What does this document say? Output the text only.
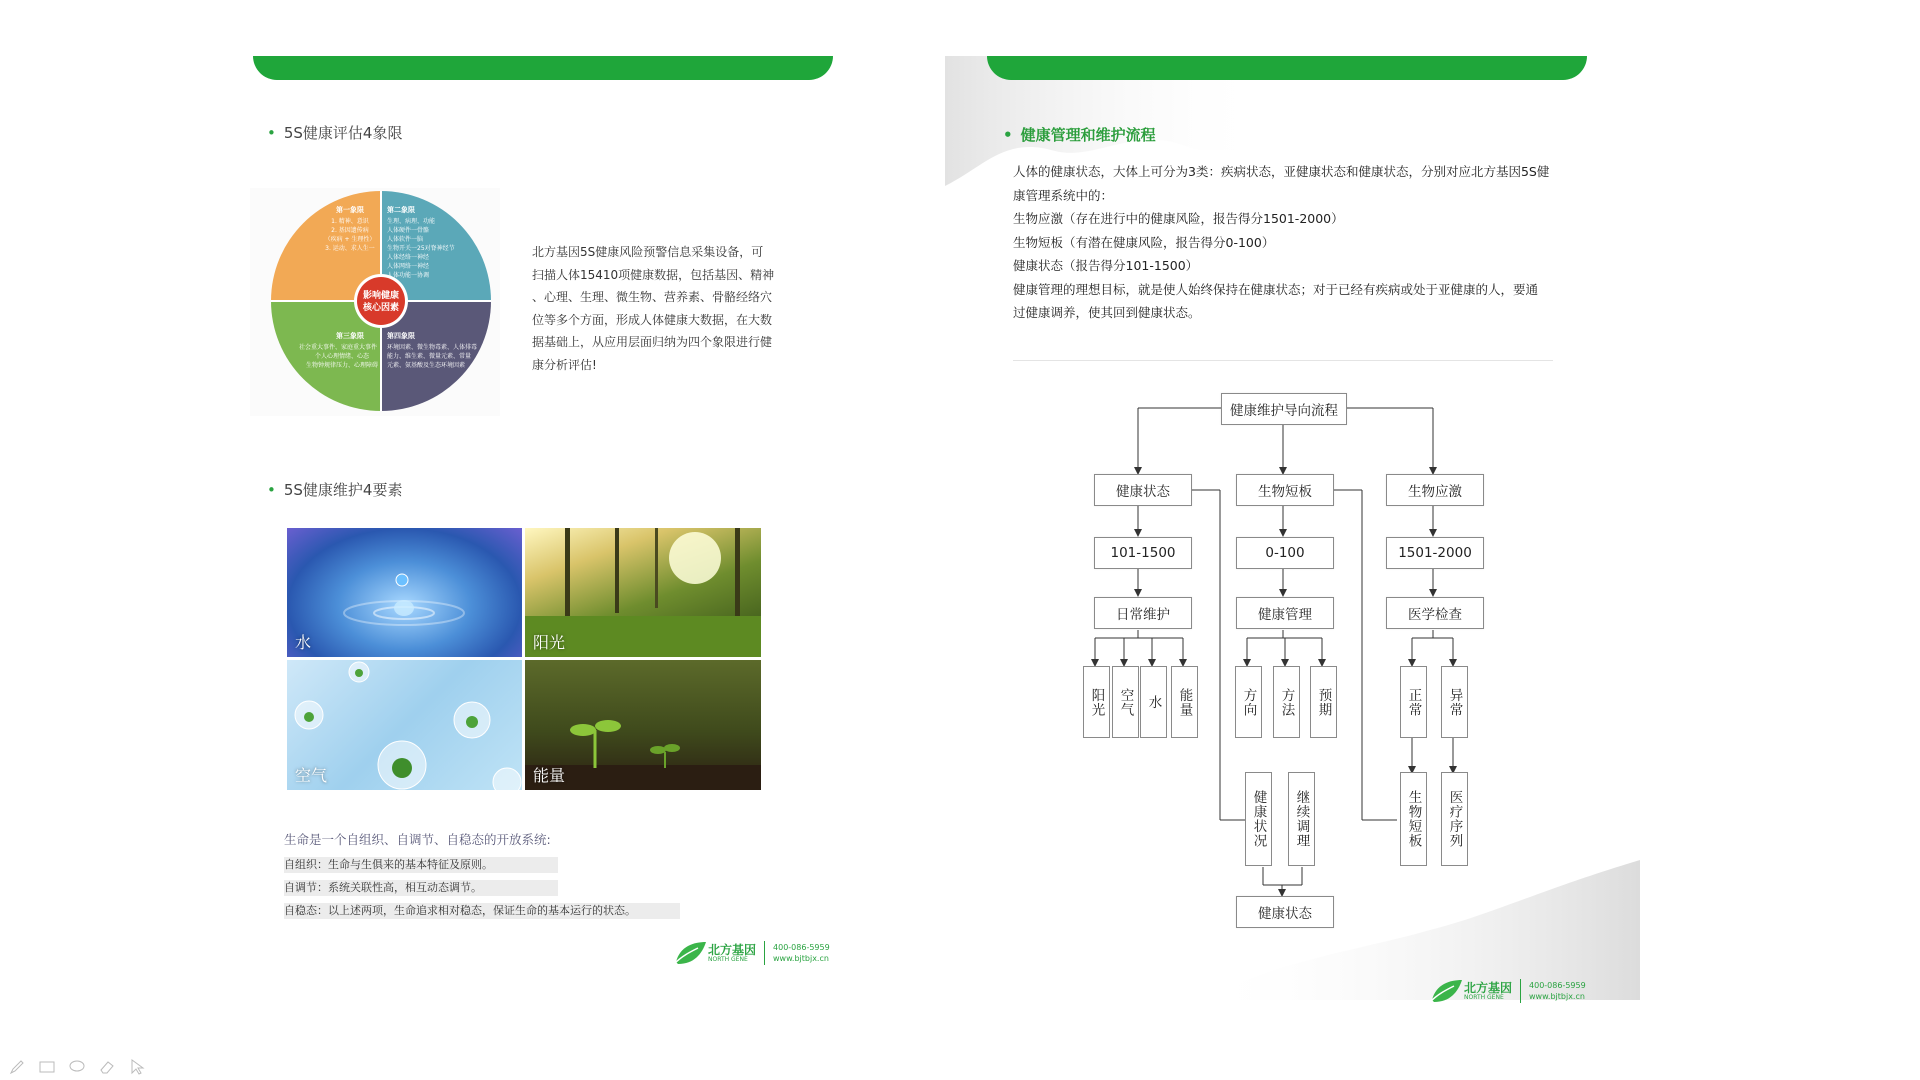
• 5S健康评估4象限
影响健康
核心因素
第一象限
1. 精神、意识
2. 基因遗传病
（疾病 + 生理性）
3. 运动、求人生一
第二象限
生理、病理、功能
人体硬件一骨骼
人体软件一脑
生物开关一25对脊神经节
人体经络一神经
人体网络一神经
人体功能一协调
第三象限
社会重大事件、家庭重大事件
个人心理情绪、心态
生物钟规律压力、心理障碍
第四象限
环境因素、微生物毒素、人体排毒
能力、维生素、微量元素、常量
元素、氨基酸及生态环境因素
北方基因5S健康风险预警信息采集设备，可
扫描人体15410项健康数据，包括基因、精神
、心理、生理、微生物、营养素、骨骼经络穴
位等多个方面，形成人体健康大数据，在大数
据基础上，从应用层面归纳为四个象限进行健
康分析评估!
• 5S健康维护4要素
水	阳光
空气	能量
生命是一个自组织、自调节、自稳态的开放系统:
自组织：生命与生俱来的基本特征及原则。
自调节：系统关联性高，相互动态调节。
自稳态：以上述两项，生命追求相对稳态，保证生命的基本运行的状态。
北方基因
NORTH GENE
400-086-5959
www.bjtbjx.cn
• 健康管理和维护流程
人体的健康状态，大体上可分为3类：疾病状态，亚健康状态和健康状态，分别对应北方基因5S健
康管理系统中的：
生物应激（存在进行中的健康风险，报告得分1501-2000）
生物短板（有潜在健康风险，报告得分0-100）
健康状态（报告得分101-1500）
健康管理的理想目标，就是使人始终保持在健康状态；对于已经有疾病或处于亚健康的人，要通
过健康调养，使其回到健康状态。
健康维护导向流程
健康状态	生物短板	生物应激
101-1500	0-100	1501-2000
日常维护	健康管理	医学检查
阳光 空气 水 能量	方向 方法 预期	正常 异常
健康状况 继续调理	生物短板 医疗序列
健康状态
北方基因
NORTH GENE
400-086-5959
www.bjtbjx.cn
